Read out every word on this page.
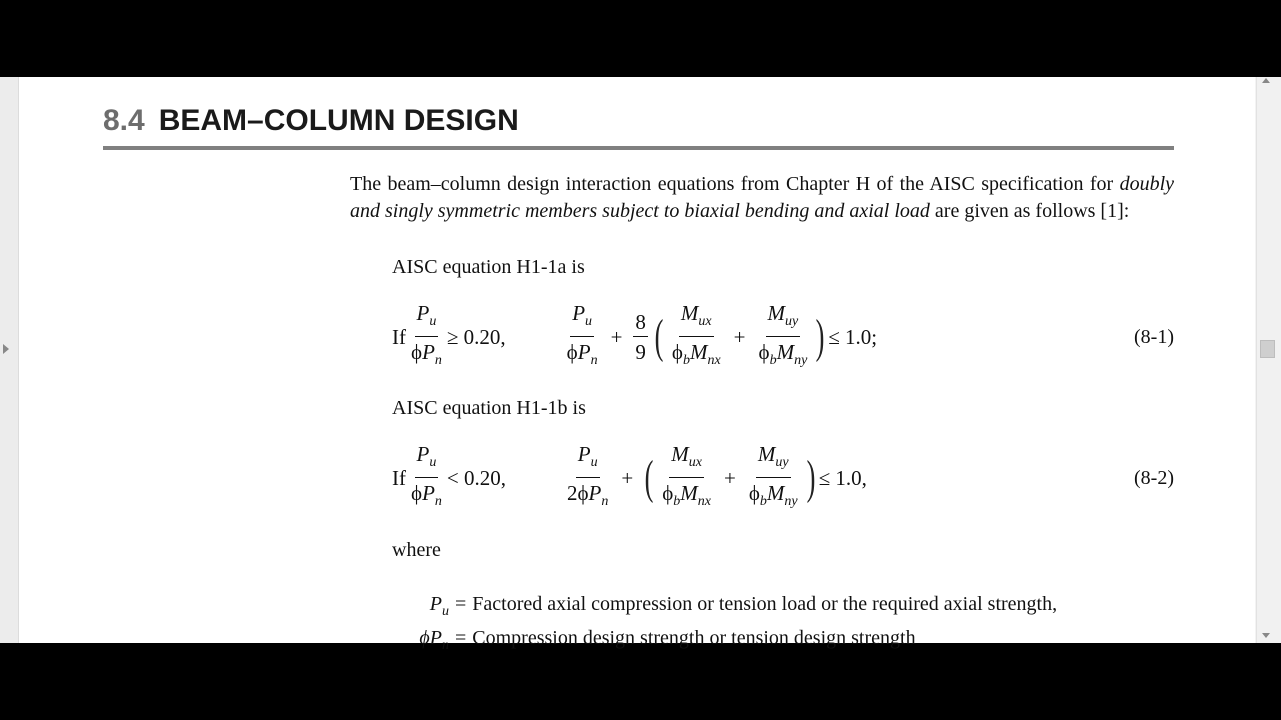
8.4 BEAM–COLUMN DESIGN
The beam–column design interaction equations from Chapter H of the AISC specification for doubly and singly symmetric members subject to biaxial bending and axial load are given as follows [1]:
AISC equation H1-1a is
If $\frac{P_u}{\phi P_n} \ge 0.20$,	$\frac{P_u}{\phi P_n} + \frac{8}{9}$ ( $\frac{M_{ux}}{\phi_bM_{nx}} + \frac{M_{uy}}{\phi_bM_{ny}}$ ) ≤ 1.0;	(8-1)
AISC equation H1-1b is
If $\frac{P_u}{\phi P_n} < 0.20$,	$\frac{P_u}{2\phi P_n}$ + ( $\frac{M_{ux}}{\phi_bM_{nx}} + \frac{M_{uy}}{\phi_bM_{ny}}$ ) ≤ 1.0,	(8-2)
where
$P_u$ = Factored axial compression or tension load or the required axial strength,
$\phi P_n$ = Compression design strength or tension design strength
